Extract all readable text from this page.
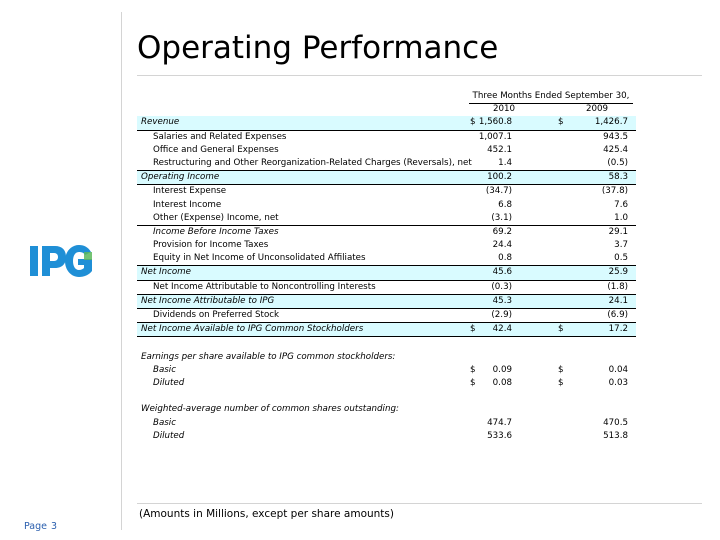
Operating Performance
Three Months Ended September 30,
2010	2009
Revenue	$ 1,560.8	$	1,426.7
Salaries and Related Expenses	1,007.1	943.5
Office and General Expenses	452.1	425.4
Restructuring and Other Reorganization-Related Charges (Reversals), net	1.4	(0.5)
Operating Income	100.2	58.3
Interest Expense	(34.7)	(37.8)
Interest Income	6.8	7.6
Other (Expense) Income, net	(3.1)	1.0
Income Before Income Taxes	69.2	29.1
Provision for Income Taxes	24.4	3.7
Equity in Net Income of Unconsolidated Affiliates	0.8	0.5
Net Income	45.6	25.9
Net Income Attributable to Noncontrolling Interests	(0.3)	(1.8)
Net Income Attributable to IPG	45.3	24.1
Dividends on Preferred Stock	(2.9)	(6.9)
Net Income Available to IPG Common Stockholders	$ 42.4	$	17.2
Earnings per share available to IPG common stockholders:
Basic	$ 0.09	$	0.04
Diluted	$ 0.08	$	0.03
Weighted-average number of common shares outstanding:
Basic	474.7	470.5
Diluted	533.6	513.8
(Amounts in Millions, except per share amounts)
Page 3
